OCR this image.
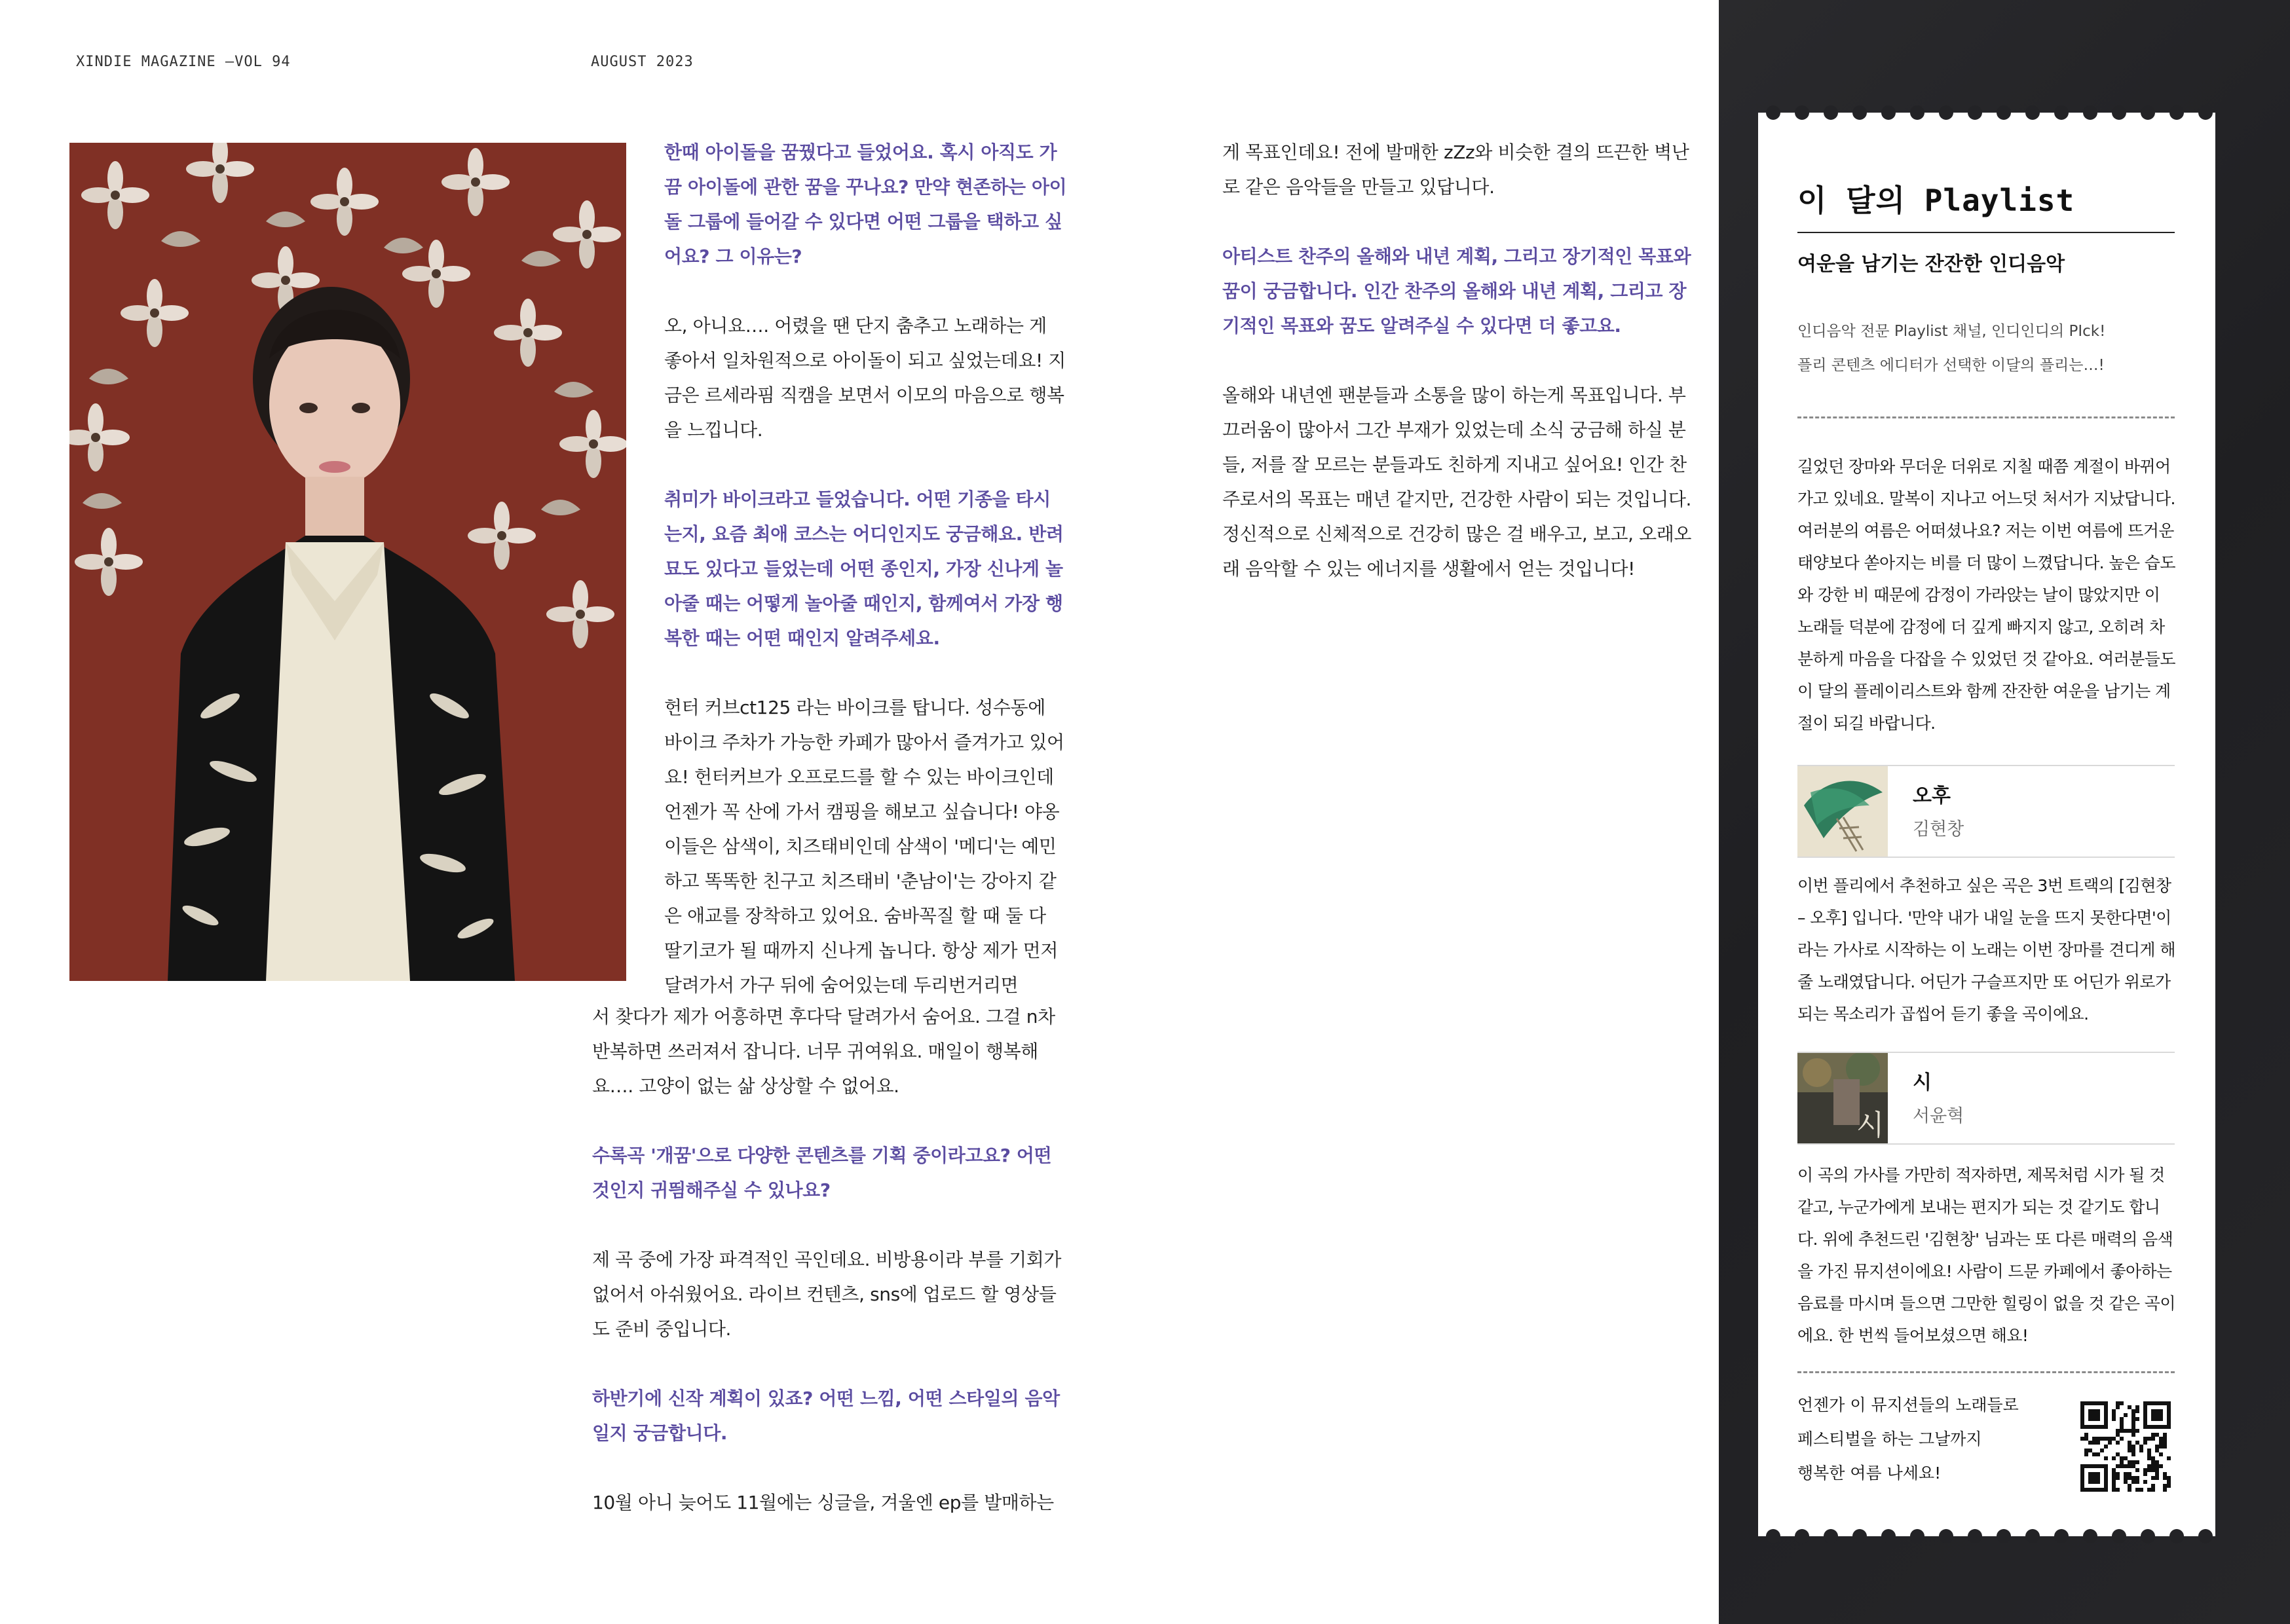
XINDIE MAGAZINE —VOL 94	AUGUST 2023

한때 아이돌을 꿈꿨다고 들었어요. 혹시 아직도 가끔 아이돌에 관한 꿈을 꾸나요? 만약 현존하는 아이돌 그룹에 들어갈 수 있다면 어떤 그룹을 택하고 싶어요? 그 이유는?

오, 아니요…. 어렸을 땐 단지 춤추고 노래하는 게 좋아서 일차원적으로 아이돌이 되고 싶었는데요! 지금은 르세라핌 직캠을 보면서 이모의 마음으로 행복을 느낍니다.

취미가 바이크라고 들었습니다. 어떤 기종을 타시는지, 요즘 최애 코스는 어디인지도 궁금해요. 반려묘도 있다고 들었는데 어떤 종인지, 가장 신나게 놀아줄 때는 어떻게 놀아줄 때인지, 함께여서 가장 행복한 때는 어떤 때인지 알려주세요.

헌터 커브ct125 라는 바이크를 탑니다. 성수동에 바이크 주차가 가능한 카페가 많아서 즐겨가고 있어요! 헌터커브가 오프로드를 할 수 있는 바이크인데 언젠가 꼭 산에 가서 캠핑을 해보고 싶습니다! 야옹이들은 삼색이, 치즈태비인데 삼색이 '메디'는 예민하고 똑똑한 친구고 치즈태비 '춘남이'는 강아지 같은 애교를 장착하고 있어요. 숨바꼭질 할 때 둘 다 딸기코가 될 때까지 신나게 놉니다. 항상 제가 먼저 달려가서 가구 뒤에 숨어있는데 두리번거리면

서 찾다가 제가 어흥하면 후다닥 달려가서 숨어요. 그걸 n차 반복하면 쓰러져서 잡니다. 너무 귀여워요. 매일이 행복해요…. 고양이 없는 삶 상상할 수 없어요.

수록곡 '개꿈'으로 다양한 콘텐츠를 기획 중이라고요? 어떤 것인지 귀띔해주실 수 있나요?

제 곡 중에 가장 파격적인 곡인데요. 비방용이라 부를 기회가 없어서 아쉬웠어요. 라이브 컨텐츠, sns에 업로드 할 영상들도 준비 중입니다.

하반기에 신작 계획이 있죠? 어떤 느낌, 어떤 스타일의 음악일지 궁금합니다.

10월 아니 늦어도 11월에는 싱글을, 겨울엔 ep를 발매하는

게 목표인데요! 전에 발매한 zZz와 비슷한 결의 뜨끈한 벽난로 같은 음악들을 만들고 있답니다.

아티스트 찬주의 올해와 내년 계획, 그리고 장기적인 목표와 꿈이 궁금합니다. 인간 찬주의 올해와 내년 계획, 그리고 장기적인 목표와 꿈도 알려주실 수 있다면 더 좋고요.

올해와 내년엔 팬분들과 소통을 많이 하는게 목표입니다. 부끄러움이 많아서 그간 부재가 있었는데 소식 궁금해 하실 분들, 저를 잘 모르는 분들과도 친하게 지내고 싶어요! 인간 찬주로서의 목표는 매년 같지만, 건강한 사람이 되는 것입니다. 정신적으로 신체적으로 건강히 많은 걸 배우고, 보고, 오래오래 음악할 수 있는 에너지를 생활에서 얻는 것입니다!

이 달의 Playlist
여운을 남기는 잔잔한 인디음악
인디음악 전문 Playlist 채널, 인디인디의 PIck!
플리 콘텐츠 에디터가 선택한 이달의 플리는…!
길었던 장마와 무더운 더위로 지칠 때쯤 계절이 바뀌어가고 있네요. 말복이 지나고 어느덧 처서가 지났답니다. 여러분의 여름은 어떠셨나요? 저는 이번 여름에 뜨거운 태양보다 쏟아지는 비를 더 많이 느꼈답니다. 높은 습도와 강한 비 때문에 감정이 가라앉는 날이 많았지만 이 노래들 덕분에 감정에 더 깊게 빠지지 않고, 오히려 차분하게 마음을 다잡을 수 있었던 것 같아요. 여러분들도 이 달의 플레이리스트와 함께 잔잔한 여운을 남기는 계절이 되길 바랍니다.
오후
김현창
이번 플리에서 추천하고 싶은 곡은 3번 트랙의 [김현창 – 오후] 입니다. '만약 내가 내일 눈을 뜨지 못한다면'이라는 가사로 시작하는 이 노래는 이번 장마를 견디게 해줄 노래였답니다. 어딘가 구슬프지만 또 어딘가 위로가 되는 목소리가 곱씹어 듣기 좋을 곡이에요.
시
시
서윤혁
이 곡의 가사를 가만히 적자하면, 제목처럼 시가 될 것 같고, 누군가에게 보내는 편지가 되는 것 같기도 합니다. 위에 추천드린 '김현창' 님과는 또 다른 매력의 음색을 가진 뮤지션이에요! 사람이 드문 카페에서 좋아하는 음료를 마시며 들으면 그만한 힐링이 없을 것 같은 곡이에요. 한 번씩 들어보셨으면 해요!
언젠가 이 뮤지션들의 노래들로
페스티벌을 하는 그날까지
행복한 여름 나세요!
